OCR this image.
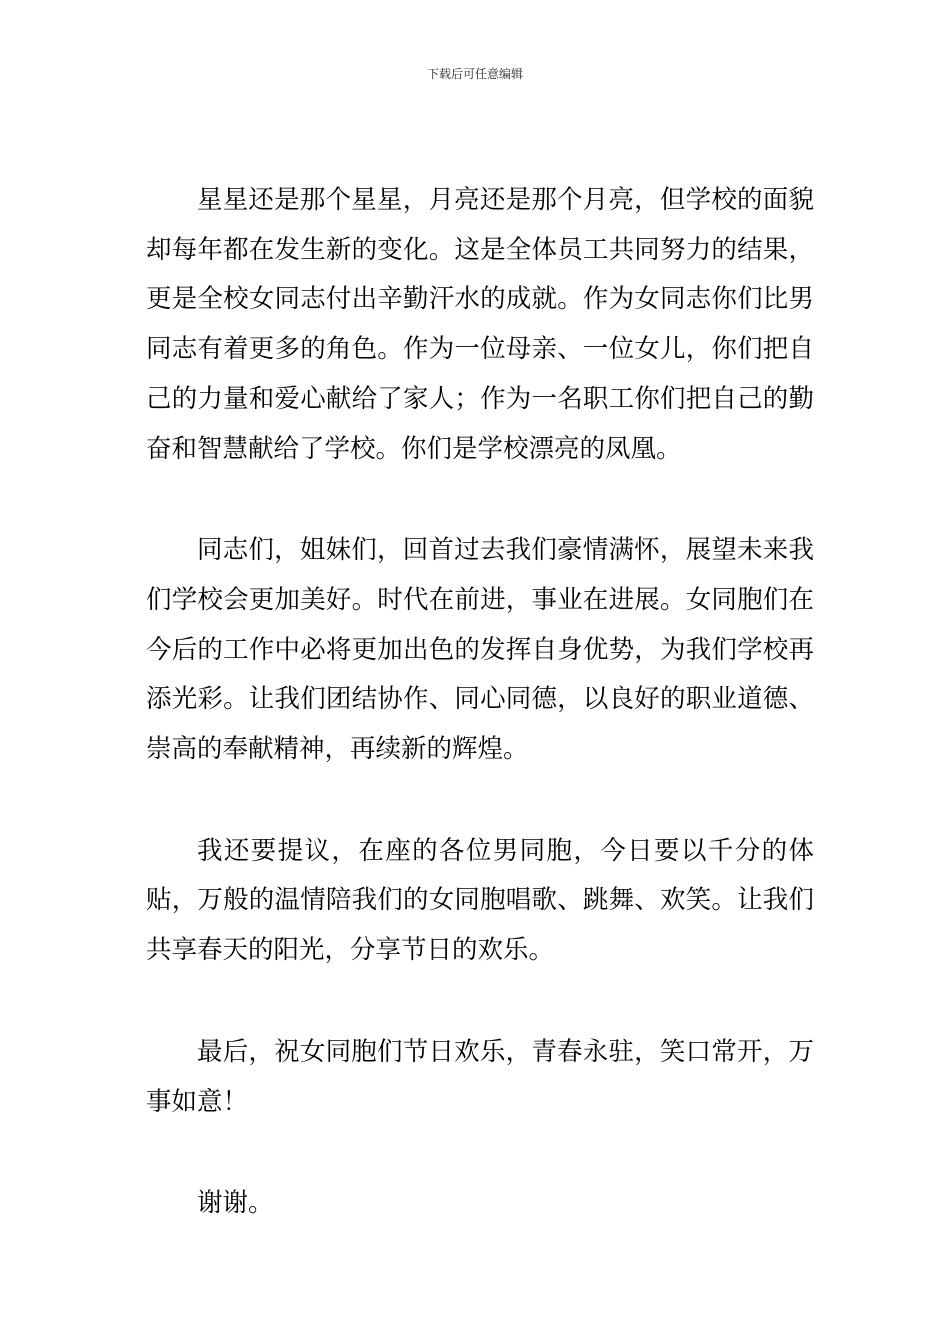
下载后可任意编辑

星星还是那个星星，月亮还是那个月亮，但学校的面貌却每年都在发生新的变化。这是全体员工共同努力的结果，更是全校女同志付出辛勤汗水的成就。作为女同志你们比男同志有着更多的角色。作为一位母亲、一位女儿，你们把自己的力量和爱心献给了家人；作为一名职工你们把自己的勤奋和智慧献给了学校。你们是学校漂亮的凤凰。

同志们，姐妹们，回首过去我们豪情满怀，展望未来我们学校会更加美好。时代在前进，事业在进展。女同胞们在今后的工作中必将更加出色的发挥自身优势，为我们学校再添光彩。让我们团结协作、同心同德，以良好的职业道德、崇高的奉献精神，再续新的辉煌。

我还要提议，在座的各位男同胞，今日要以千分的体贴，万般的温情陪我们的女同胞唱歌、跳舞、欢笑。让我们共享春天的阳光，分享节日的欢乐。

最后，祝女同胞们节日欢乐，青春永驻，笑口常开，万事如意！

谢谢。
